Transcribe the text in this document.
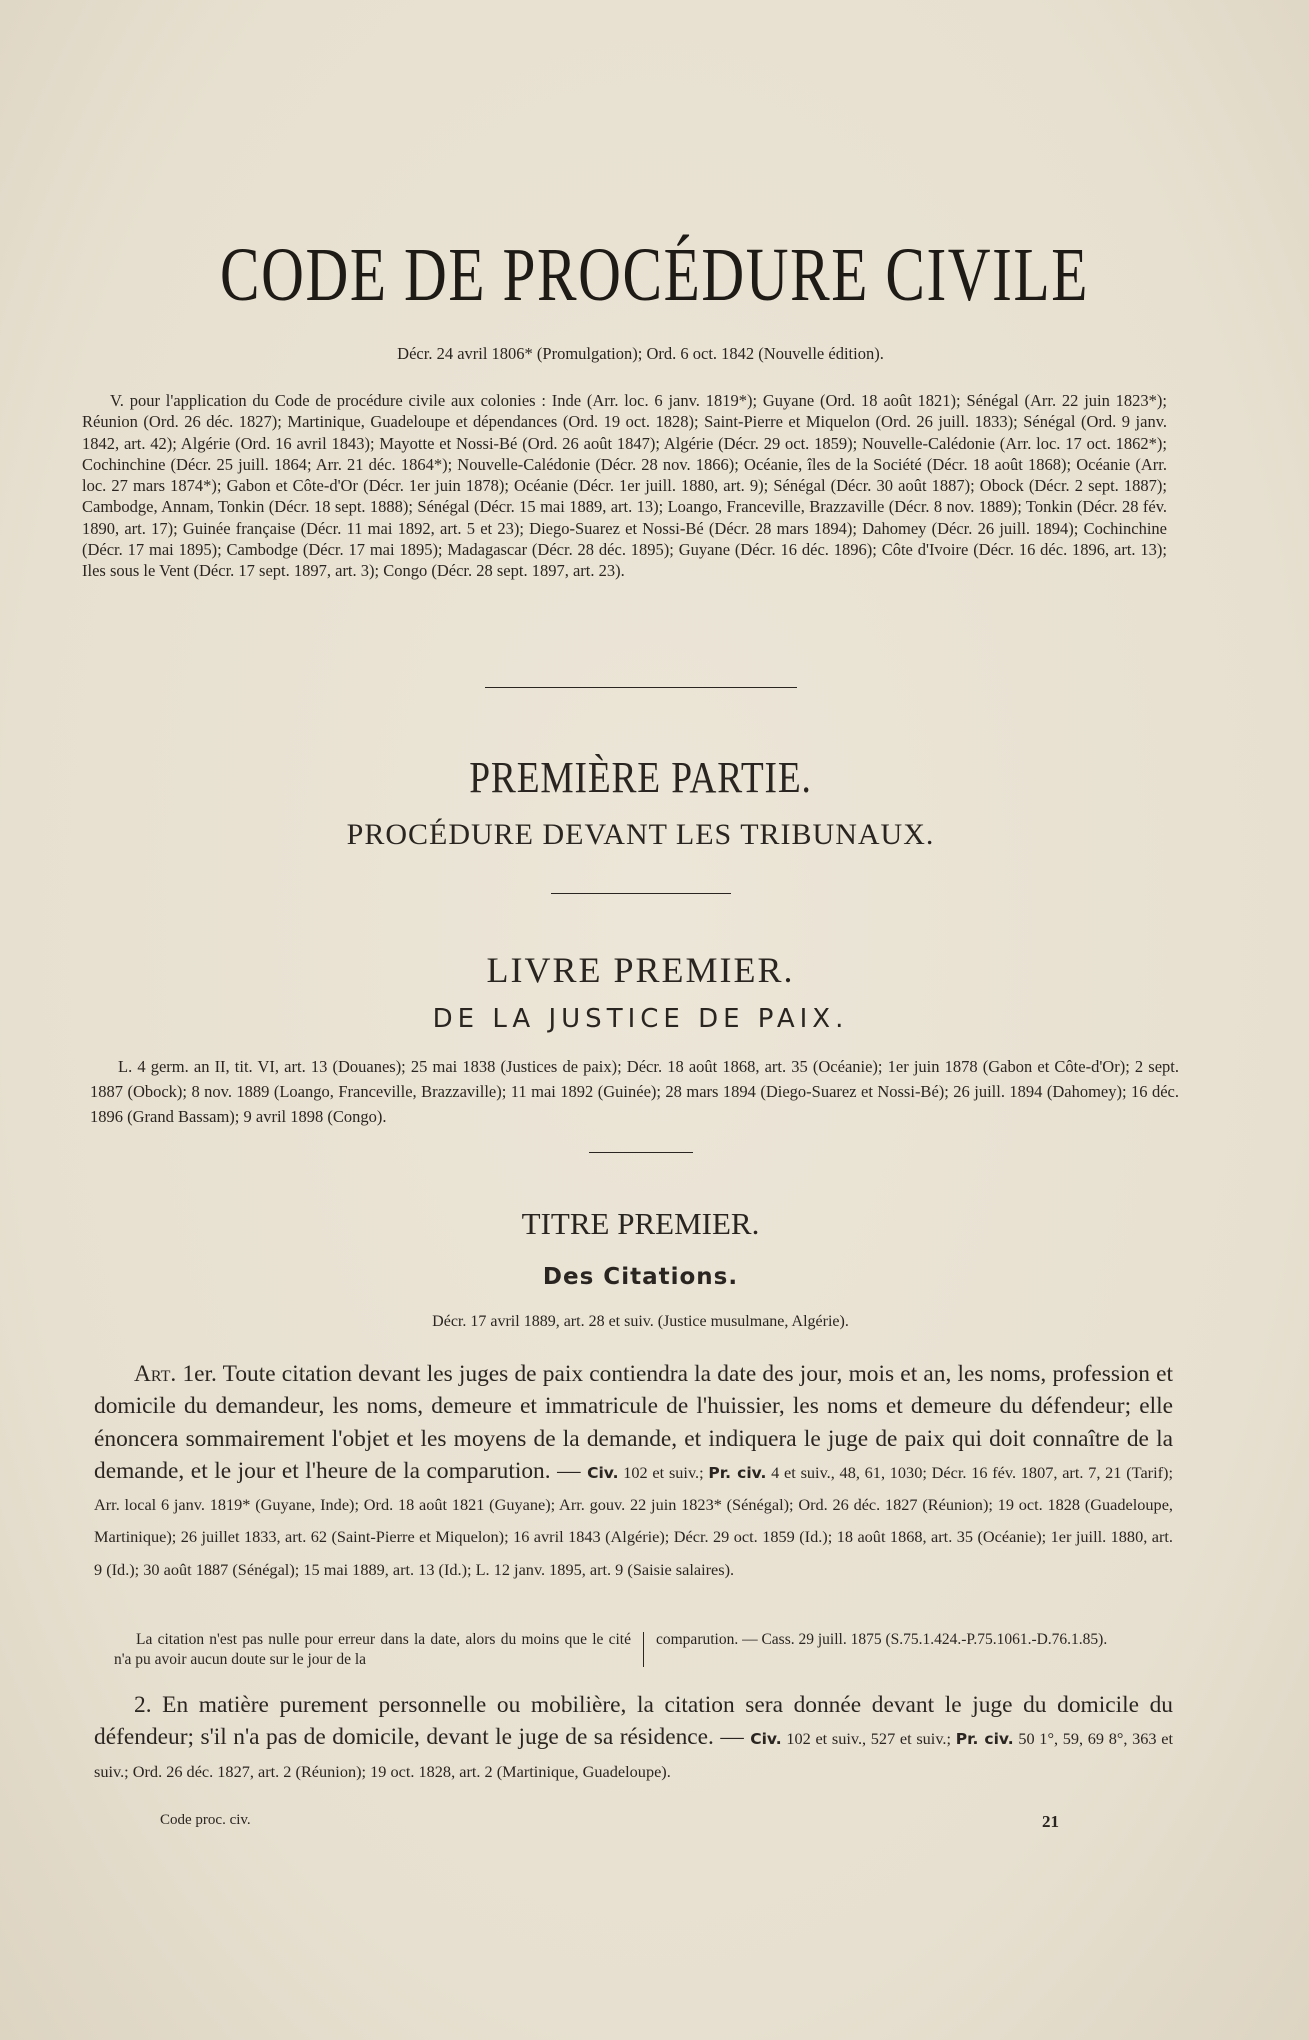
CODE DE PROCÉDURE CIVILE

Décr. 24 avril 1806* (Promulgation); Ord. 6 oct. 1842 (Nouvelle édition).

V. pour l'application du Code de procédure civile aux colonies : Inde (Arr. loc. 6 janv. 1819*); Guyane (Ord. 18 août 1821); Sénégal (Arr. 22 juin 1823*); Réunion (Ord. 26 déc. 1827); Martinique, Guadeloupe et dépendances (Ord. 19 oct. 1828); Saint-Pierre et Miquelon (Ord. 26 juill. 1833); Sénégal (Ord. 9 janv. 1842, art. 42); Algérie (Ord. 16 avril 1843); Mayotte et Nossi-Bé (Ord. 26 août 1847); Algérie (Décr. 29 oct. 1859); Nouvelle-Calédonie (Arr. loc. 17 oct. 1862*); Cochinchine (Décr. 25 juill. 1864; Arr. 21 déc. 1864*); Nouvelle-Calédonie (Décr. 28 nov. 1866); Océanie, îles de la Société (Décr. 18 août 1868); Océanie (Arr. loc. 27 mars 1874*); Gabon et Côte-d'Or (Décr. 1er juin 1878); Océanie (Décr. 1er juill. 1880, art. 9); Sénégal (Décr. 30 août 1887); Obock (Décr. 2 sept. 1887); Cambodge, Annam, Tonkin (Décr. 18 sept. 1888); Sénégal (Décr. 15 mai 1889, art. 13); Loango, Franceville, Brazzaville (Décr. 8 nov. 1889); Tonkin (Décr. 28 fév. 1890, art. 17); Guinée française (Décr. 11 mai 1892, art. 5 et 23); Diego-Suarez et Nossi-Bé (Décr. 28 mars 1894); Dahomey (Décr. 26 juill. 1894); Cochinchine (Décr. 17 mai 1895); Cambodge (Décr. 17 mai 1895); Madagascar (Décr. 28 déc. 1895); Guyane (Décr. 16 déc. 1896); Côte d'Ivoire (Décr. 16 déc. 1896, art. 13); Iles sous le Vent (Décr. 17 sept. 1897, art. 3); Congo (Décr. 28 sept. 1897, art. 23).

PREMIÈRE PARTIE.
PROCÉDURE DEVANT LES TRIBUNAUX.
LIVRE PREMIER.
DE LA JUSTICE DE PAIX.

L. 4 germ. an II, tit. VI, art. 13 (Douanes); 25 mai 1838 (Justices de paix); Décr. 18 août 1868, art. 35 (Océanie); 1er juin 1878 (Gabon et Côte-d'Or); 2 sept. 1887 (Obock); 8 nov. 1889 (Loango, Franceville, Brazzaville); 11 mai 1892 (Guinée); 28 mars 1894 (Diego-Suarez et Nossi-Bé); 26 juill. 1894 (Dahomey); 16 déc. 1896 (Grand Bassam); 9 avril 1898 (Congo).

TITRE PREMIER.
Des Citations.

Décr. 17 avril 1889, art. 28 et suiv. (Justice musulmane, Algérie).

Art. 1er. Toute citation devant les juges de paix contiendra la date des jour, mois et an, les noms, profession et domicile du demandeur, les noms, demeure et immatricule de l'huissier, les noms et demeure du défendeur; elle énoncera sommairement l'objet et les moyens de la demande, et indiquera le juge de paix qui doit connaître de la demande, et le jour et l'heure de la comparution. — Civ. 102 et suiv.; Pr. civ. 4 et suiv., 48, 61, 1030; Décr. 16 fév. 1807, art. 7, 21 (Tarif); Arr. local 6 janv. 1819* (Guyane, Inde); Ord. 18 août 1821 (Guyane); Arr. gouv. 22 juin 1823* (Sénégal); Ord. 26 déc. 1827 (Réunion); 19 oct. 1828 (Guadeloupe, Martinique); 26 juillet 1833, art. 62 (Saint-Pierre et Miquelon); 16 avril 1843 (Algérie); Décr. 29 oct. 1859 (Id.); 18 août 1868, art. 35 (Océanie); 1er juill. 1880, art. 9 (Id.); 30 août 1887 (Sénégal); 15 mai 1889, art. 13 (Id.); L. 12 janv. 1895, art. 9 (Saisie salaires).

La citation n'est pas nulle pour erreur dans la date, alors du moins que le cité n'a pu avoir aucun doute sur le jour de la
comparution. — Cass. 29 juill. 1875 (S.75.1.424.-P.75.1061.-D.76.1.85).

2. En matière purement personnelle ou mobilière, la citation sera donnée devant le juge du domicile du défendeur; s'il n'a pas de domicile, devant le juge de sa résidence. — Civ. 102 et suiv., 527 et suiv.; Pr. civ. 50 1°, 59, 69 8°, 363 et suiv.; Ord. 26 déc. 1827, art. 2 (Réunion); 19 oct. 1828, art. 2 (Martinique, Guadeloupe).

Code proc. civ.	21
